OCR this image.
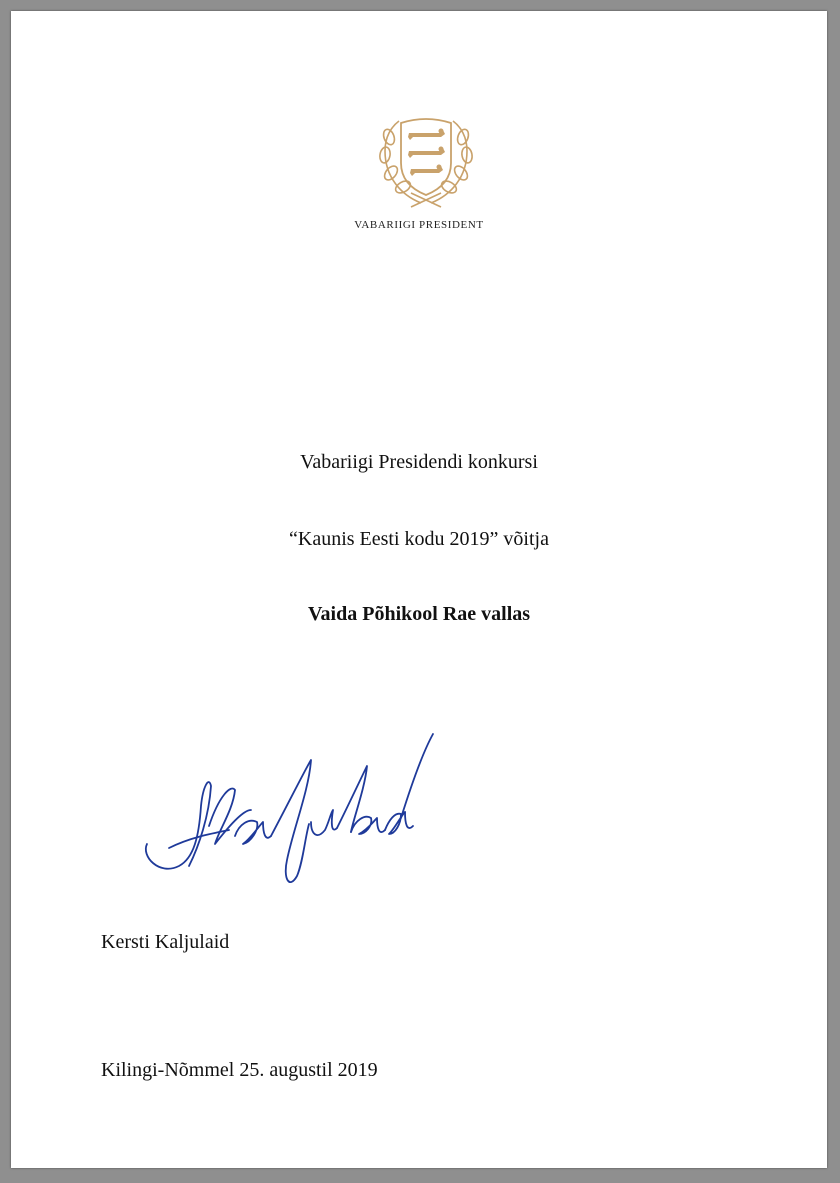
VABARIIGI PRESIDENT
Vabariigi Presidendi konkursi
“Kaunis Eesti kodu 2019” võitja
Vaida Põhikool Rae vallas
Kersti Kaljulaid
Kilingi-Nõmmel 25. augustil 2019
